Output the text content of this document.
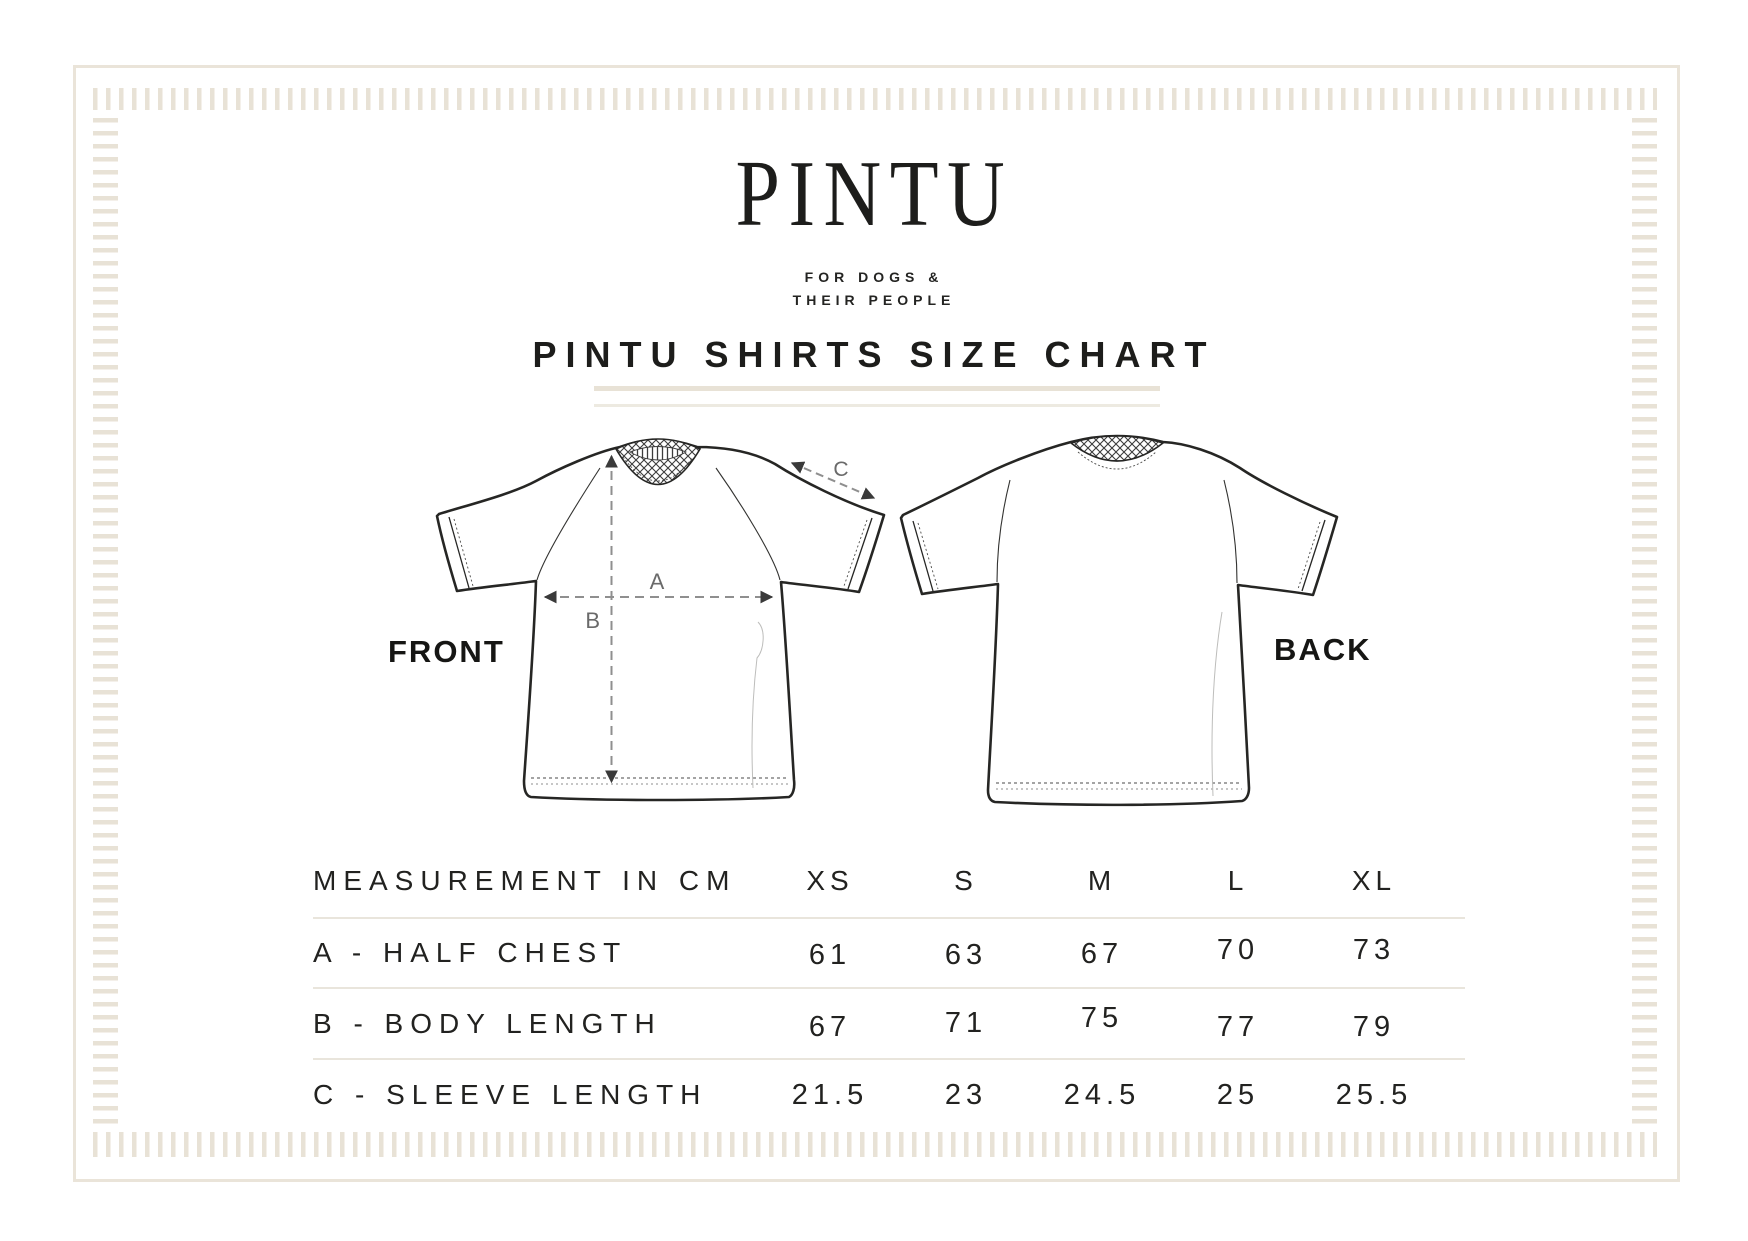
PINTU
FOR DOGS &
THEIR PEOPLE
PINTU SHIRTS SIZE CHART
A
B
C
FRONT	BACK
MEASUREMENT IN CM	XS	S	M	L	XL
A - HALF CHEST	61	63	67	70	73
B - BODY LENGTH	67	71	75	77	79
C - SLEEVE LENGTH	21.5	23	24.5	25	25.5
